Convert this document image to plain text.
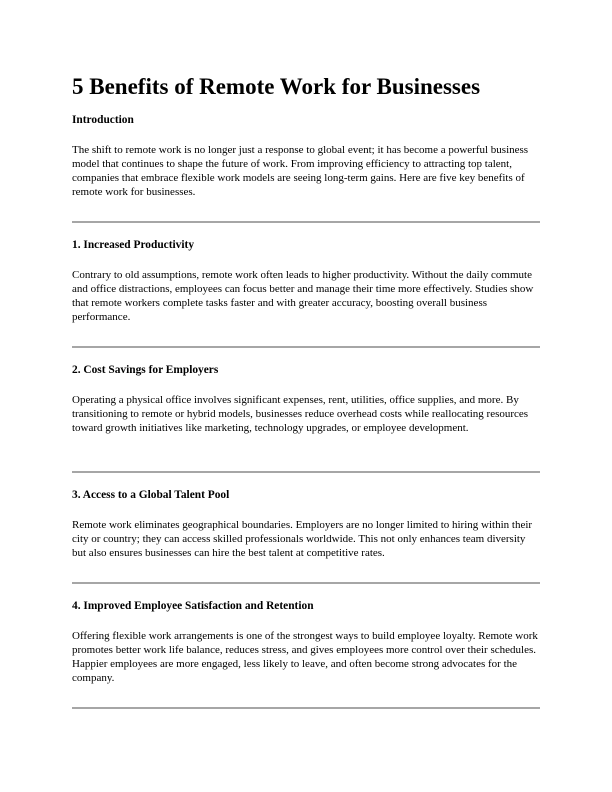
5 Benefits of Remote Work for Businesses

Introduction

The shift to remote work is no longer just a response to global event; it has become a powerful business model that continues to shape the future of work. From improving efficiency to attracting top talent, companies that embrace flexible work models are seeing long-term gains. Here are five key benefits of remote work for businesses.

1. Increased Productivity

Contrary to old assumptions, remote work often leads to higher productivity. Without the daily commute and office distractions, employees can focus better and manage their time more effectively. Studies show that remote workers complete tasks faster and with greater accuracy, boosting overall business performance.

2. Cost Savings for Employers

Operating a physical office involves significant expenses, rent, utilities, office supplies, and more. By transitioning to remote or hybrid models, businesses reduce overhead costs while reallocating resources toward growth initiatives like marketing, technology upgrades, or employee development.

3. Access to a Global Talent Pool

Remote work eliminates geographical boundaries. Employers are no longer limited to hiring within their city or country; they can access skilled professionals worldwide. This not only enhances team diversity but also ensures businesses can hire the best talent at competitive rates.

4. Improved Employee Satisfaction and Retention

Offering flexible work arrangements is one of the strongest ways to build employee loyalty. Remote work promotes better work life balance, reduces stress, and gives employees more control over their schedules. Happier employees are more engaged, less likely to leave, and often become strong advocates for the company.
